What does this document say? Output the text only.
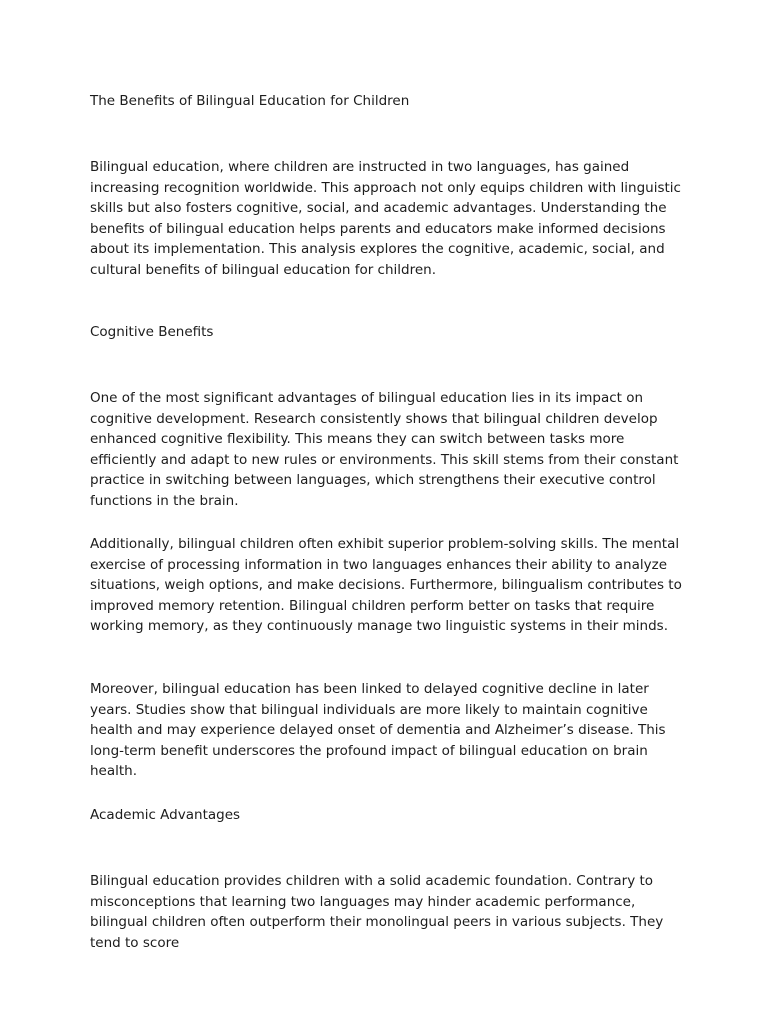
The Benefits of Bilingual Education for Children

Bilingual education, where children are instructed in two languages, has gained increasing recognition worldwide. This approach not only equips children with linguistic skills but also fosters cognitive, social, and academic advantages. Understanding the benefits of bilingual education helps parents and educators make informed decisions about its implementation. This analysis explores the cognitive, academic, social, and cultural benefits of bilingual education for children.

Cognitive Benefits

One of the most significant advantages of bilingual education lies in its impact on cognitive development. Research consistently shows that bilingual children develop enhanced cognitive flexibility. This means they can switch between tasks more efficiently and adapt to new rules or environments. This skill stems from their constant practice in switching between languages, which strengthens their executive control functions in the brain.

Additionally, bilingual children often exhibit superior problem-solving skills. The mental exercise of processing information in two languages enhances their ability to analyze situations, weigh options, and make decisions. Furthermore, bilingualism contributes to improved memory retention. Bilingual children perform better on tasks that require working memory, as they continuously manage two linguistic systems in their minds.

Moreover, bilingual education has been linked to delayed cognitive decline in later years. Studies show that bilingual individuals are more likely to maintain cognitive health and may experience delayed onset of dementia and Alzheimer’s disease. This long-term benefit underscores the profound impact of bilingual education on brain health.

Academic Advantages

Bilingual education provides children with a solid academic foundation. Contrary to misconceptions that learning two languages may hinder academic performance, bilingual children often outperform their monolingual peers in various subjects. They tend to score
